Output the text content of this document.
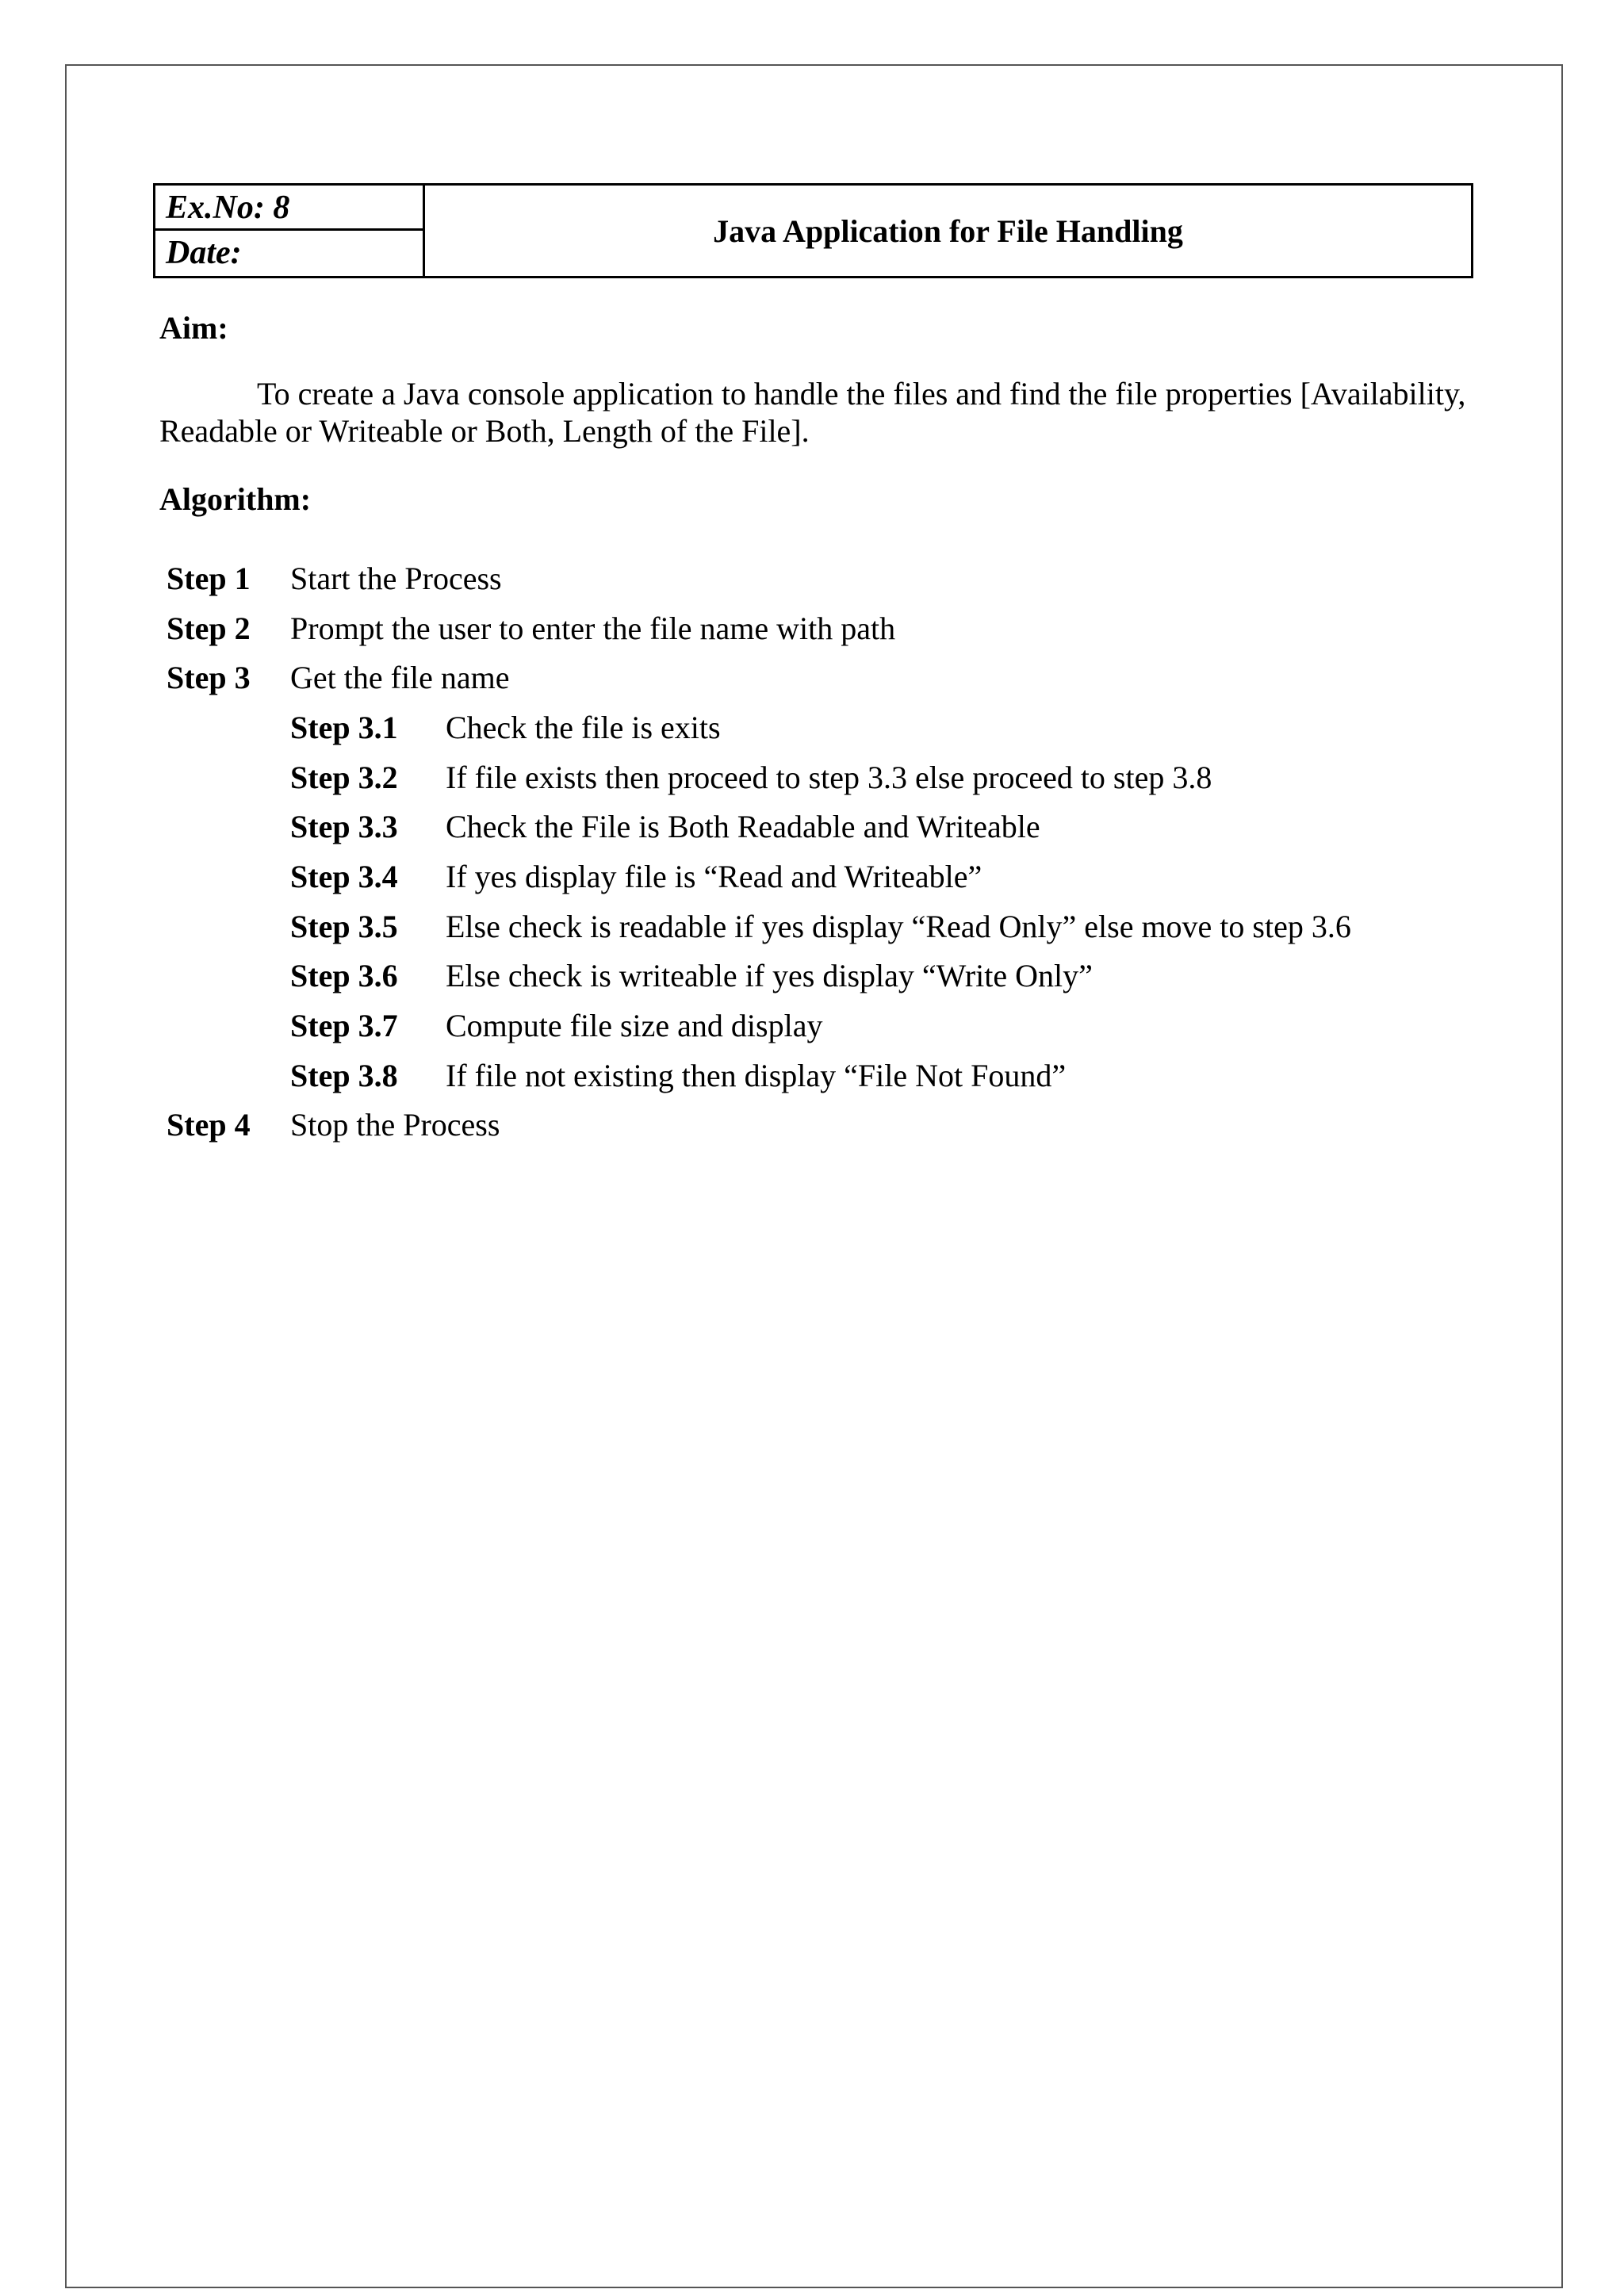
Ex.No: 8
Date:
Java Application for File Handling
Aim:
To create a Java console application to handle the files and find the file properties [Availability, Readable or Writeable or Both, Length of the File].
Algorithm:
Step 1	Start the Process
Step 2	Prompt the user to enter the file name with path
Step 3	Get the file name
Step 3.1	Check the file is exits
Step 3.2	If file exists then proceed to step 3.3 else proceed to step 3.8
Step 3.3	Check the File is Both Readable and Writeable
Step 3.4	If yes display file is “Read and Writeable”
Step 3.5	Else check is readable if yes display “Read Only” else move to step 3.6
Step 3.6	Else check is writeable if yes display “Write Only”
Step 3.7	Compute file size and display
Step 3.8	If file not existing then display “File Not Found”
Step 4	Stop the Process
